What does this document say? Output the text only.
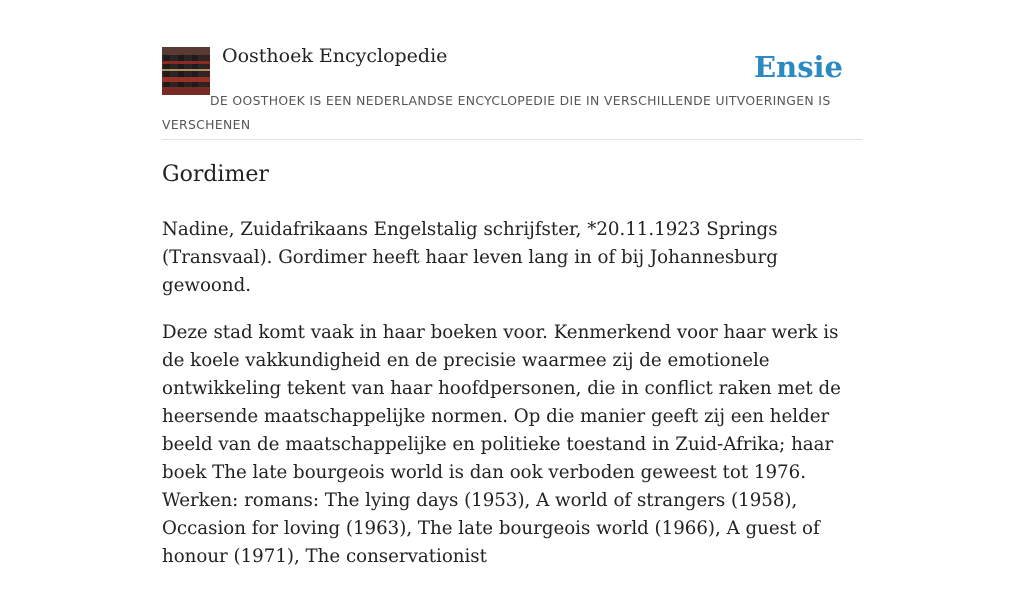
Oosthoek Encyclopedie	Ensie
DE OOSTHOEK IS EEN NEDERLANDSE ENCYCLOPEDIE DIE IN VERSCHILLENDE UITVOERINGEN IS VERSCHENEN
Gordimer

Nadine, Zuidafrikaans Engelstalig schrijfster, *20.11.1923 Springs (Transvaal). Gordimer heeft haar leven lang in of bij Johannesburg gewoond.

Deze stad komt vaak in haar boeken voor. Kenmerkend voor haar werk is de koele vakkundigheid en de precisie waarmee zij de emotionele ontwikkeling tekent van haar hoofdpersonen, die in conflict raken met de heersende maatschappelijke normen. Op die manier geeft zij een helder beeld van de maatschappelijke en politieke toestand in Zuid-Afrika; haar boek The late bourgeois world is dan ook verboden geweest tot 1976. Werken: romans: The lying days (1953), A world of strangers (1958), Occasion for loving (1963), The late bourgeois world (1966), A guest of honour (1971), The conservationist
